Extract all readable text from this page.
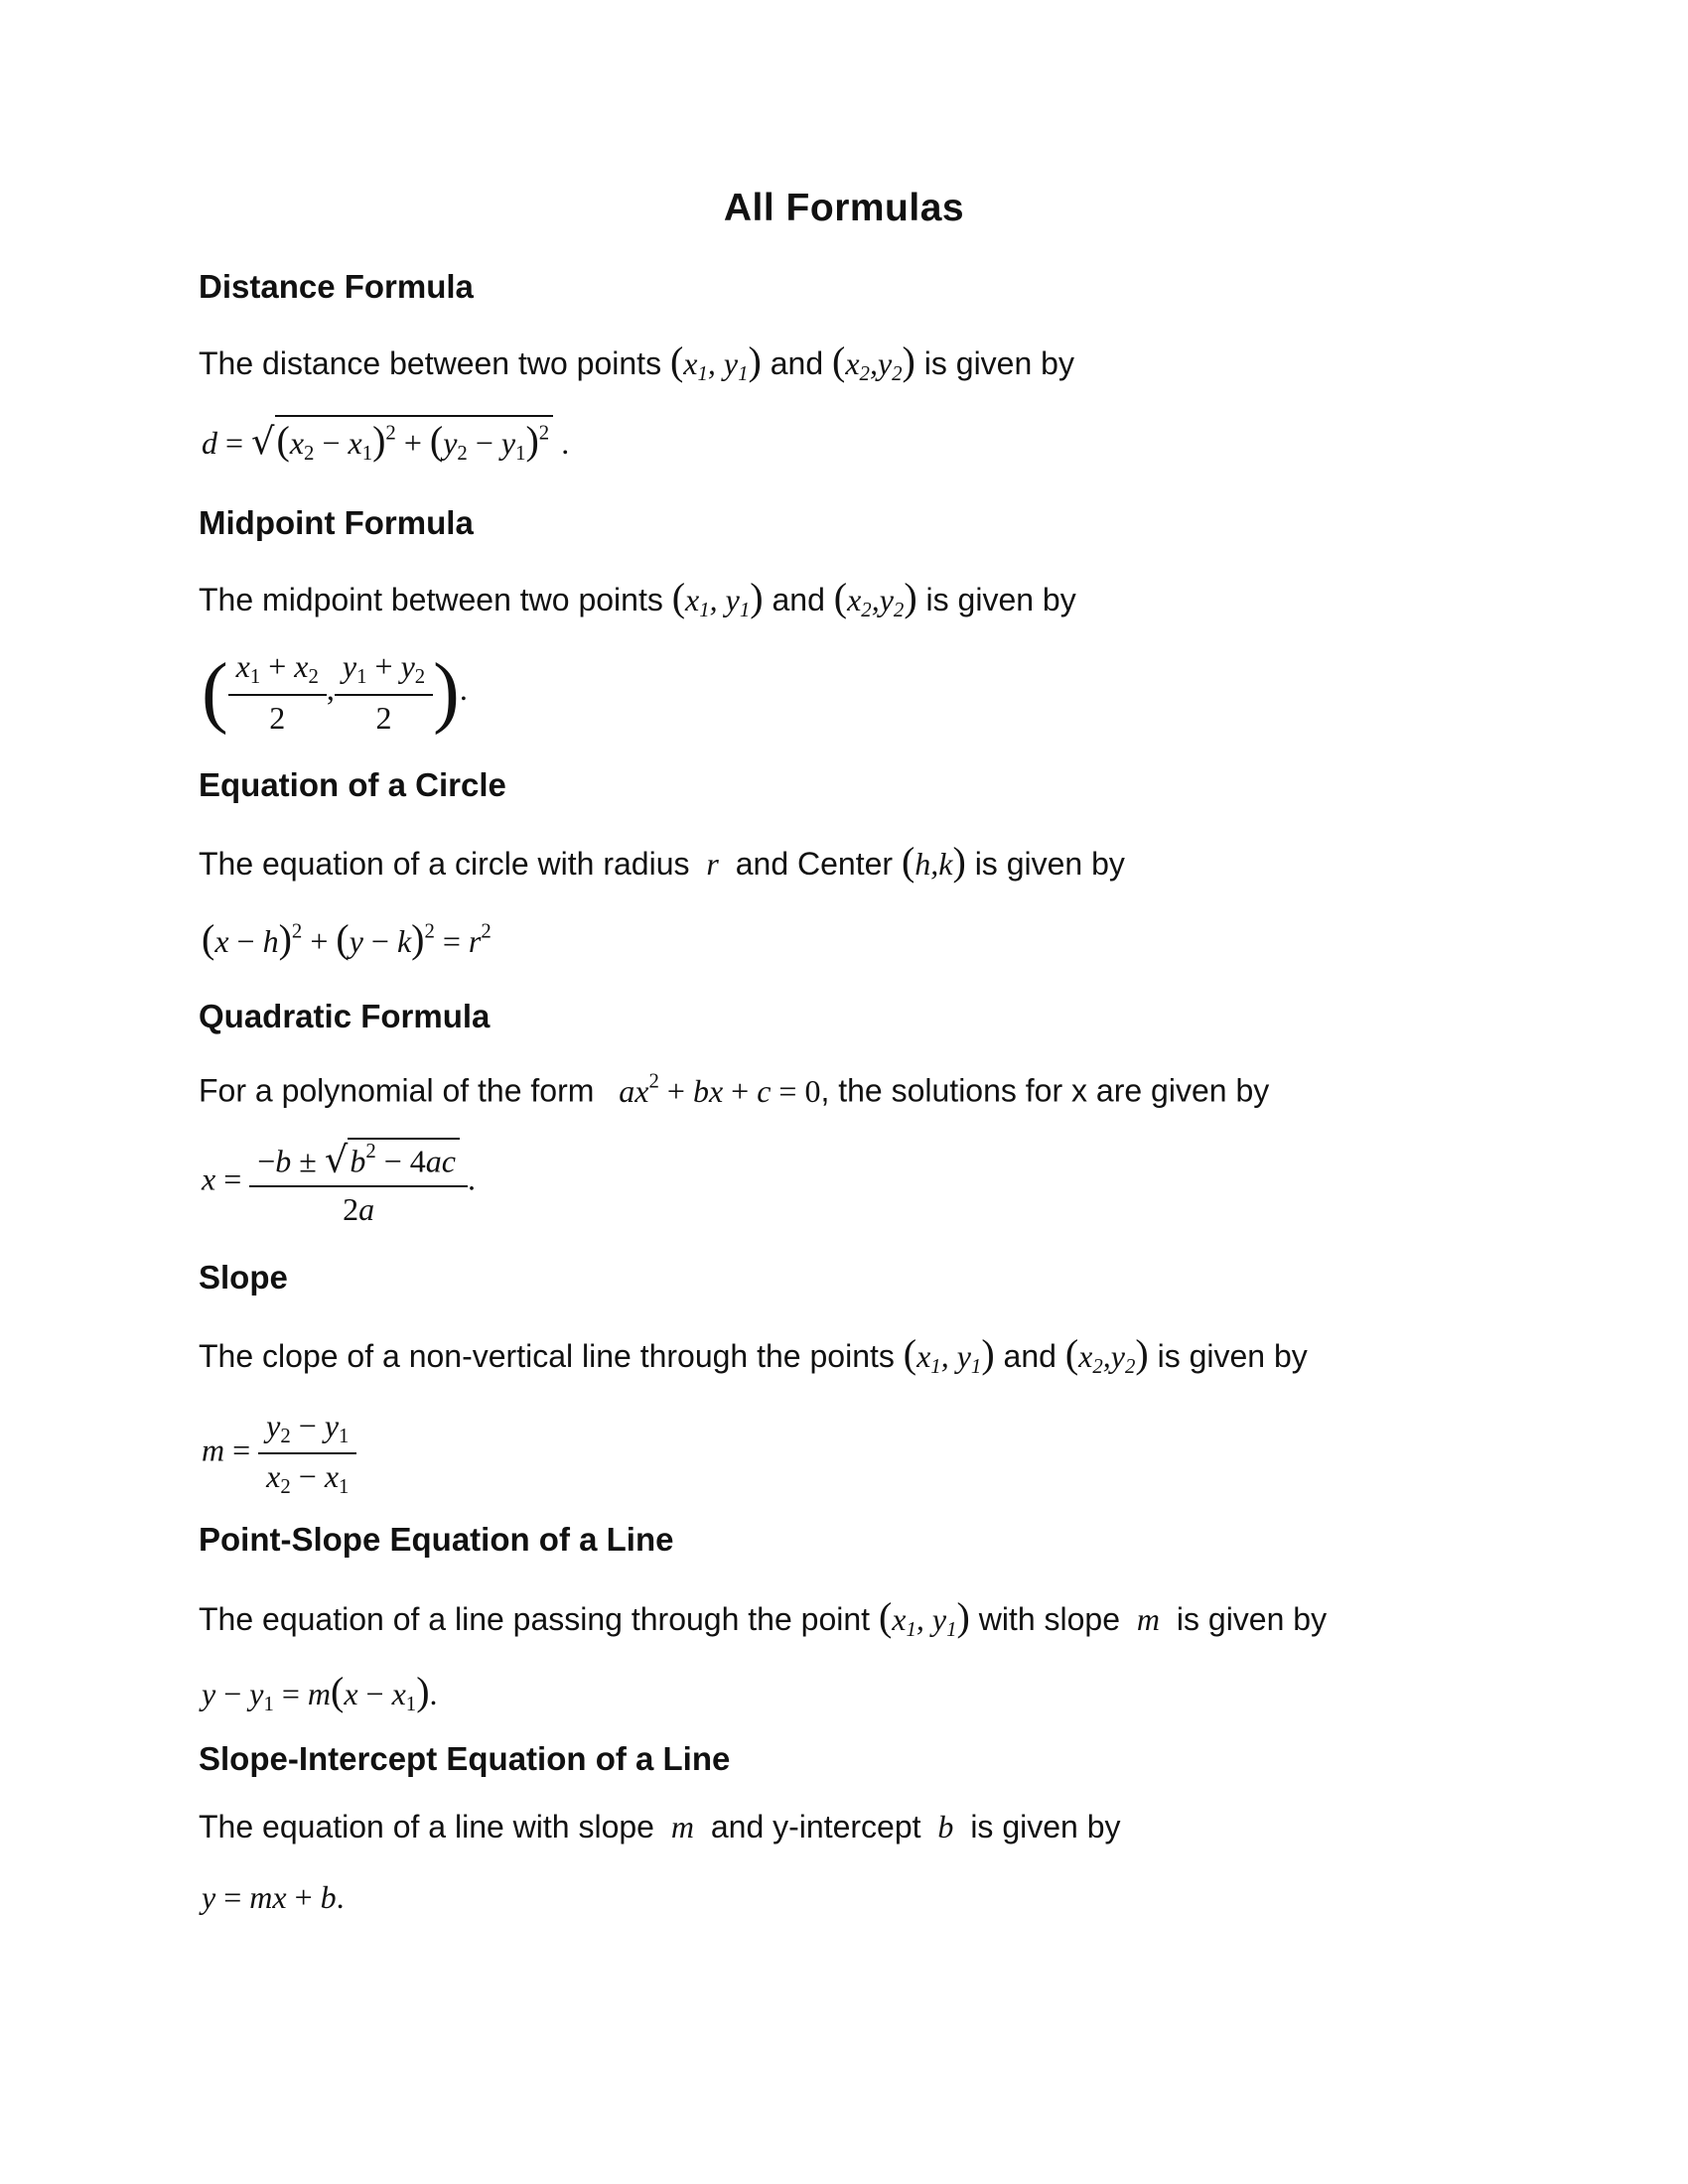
All Formulas
Distance Formula
The distance between two points ($x_1$, $y_1$) and $(x_2,y_2)$ is given by
$d = √(x_2 - x_1)^2 + (y_2 - y_1)^2$ .
Midpoint Formula
The midpoint between two points ($x_1$, $y_1$) and $(x_2,y_2)$ is given by
( $\frac{x_1 + x_2}{2}$ , $\frac{y_1 + y_2}{2}$ ).
Equation of a Circle
The equation of a circle with radius  r  and Center (h,k) is given by
$(x - h)^2 + (y - k)^2 = r^2$
Quadratic Formula
For a polynomial of the form $ax^2$ + bx + c = 0, the solutions for x are given by
$x = \frac{-b \pm √b^2 - 4ac}{2a}$ .
Slope
The clope of a non-vertical line through the points ($x_1$, $y_1$) and $(x_2,y_2)$ is given by
$m = \frac{y_2 - y_1}{x_2 - x_1}$
Point-Slope Equation of a Line
The equation of a line passing through the point ($x_1$, $y_1$) with slope  m  is given by
$y - y_1 = m(x - x_1)$.
Slope-Intercept Equation of a Line
The equation of a line with slope  m  and y-intercept  b  is given by
y = mx + b.
